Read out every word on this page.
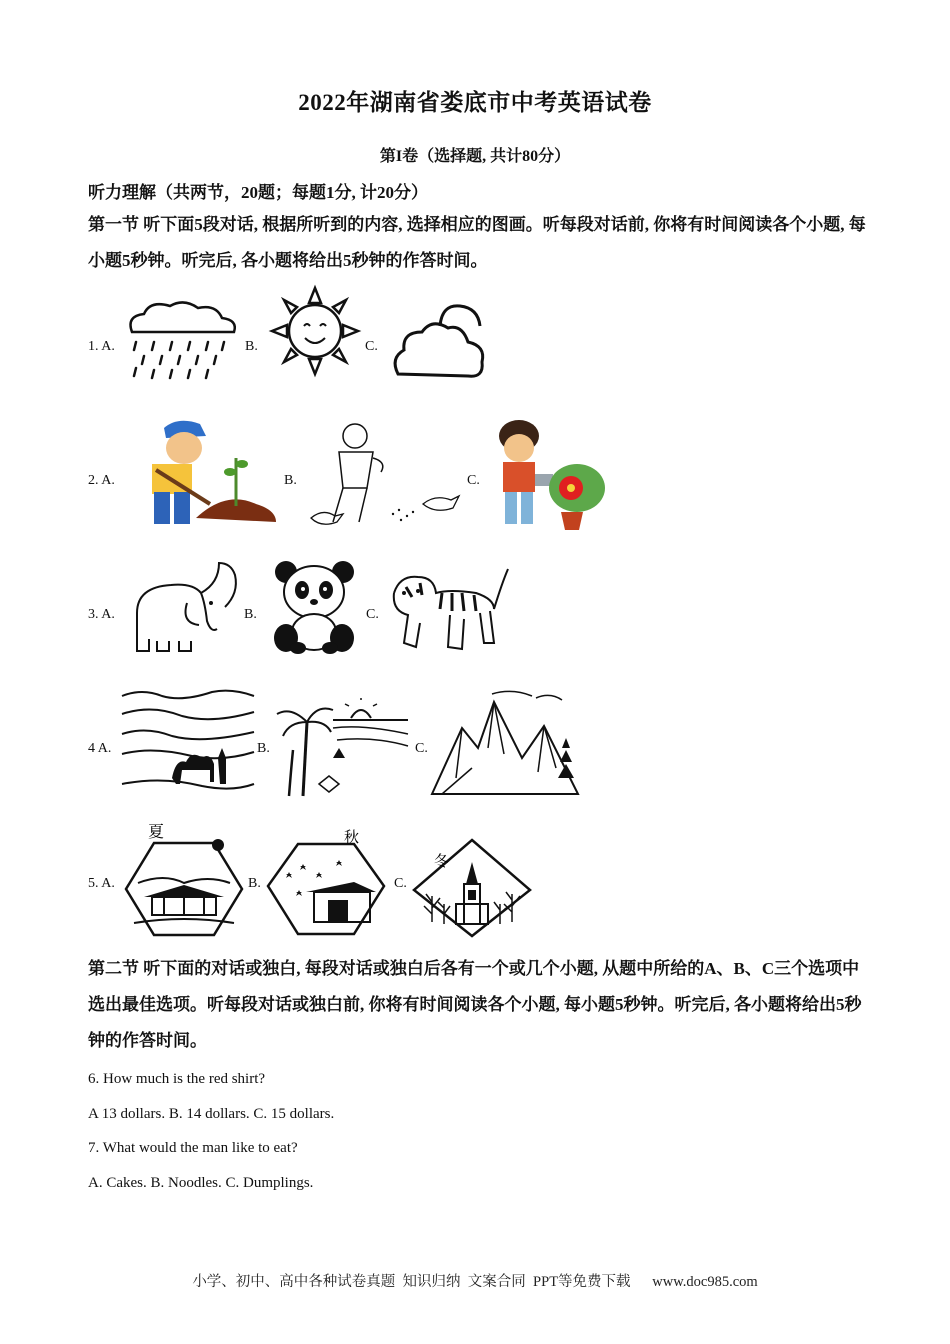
2022年湖南省娄底市中考英语试卷
第I卷（选择题, 共计80分）
听力理解（共两节，20题；每题1分, 计20分）
第一节 听下面5段对话, 根据所听到的内容, 选择相应的图画。听每段对话前, 你将有时间阅读各个小题, 每小题5秒钟。听完后, 各小题将给出5秒钟的作答时间。
1. A.	B.	C.
2. A.	B.	C.
3. A.	B.	C.
4 A.	B.	C.
5. A.
夏
B.
秋
C.
冬
第二节 听下面的对话或独白, 每段对话或独白后各有一个或几个小题, 从题中所给的A、B、C三个选项中选出最佳选项。听每段对话或独白前, 你将有时间阅读各个小题, 每小题5秒钟。听完后, 各小题将给出5秒钟的作答时间。
6. How much is the red shirt?
A 13 dollars. B. 14 dollars. C. 15 dollars.
7. What would the man like to eat?
A. Cakes. B. Noodles. C. Dumplings.
小学、初中、高中各种试卷真题  知识归纳  文案合同  PPT等免费下载      www.doc985.com
